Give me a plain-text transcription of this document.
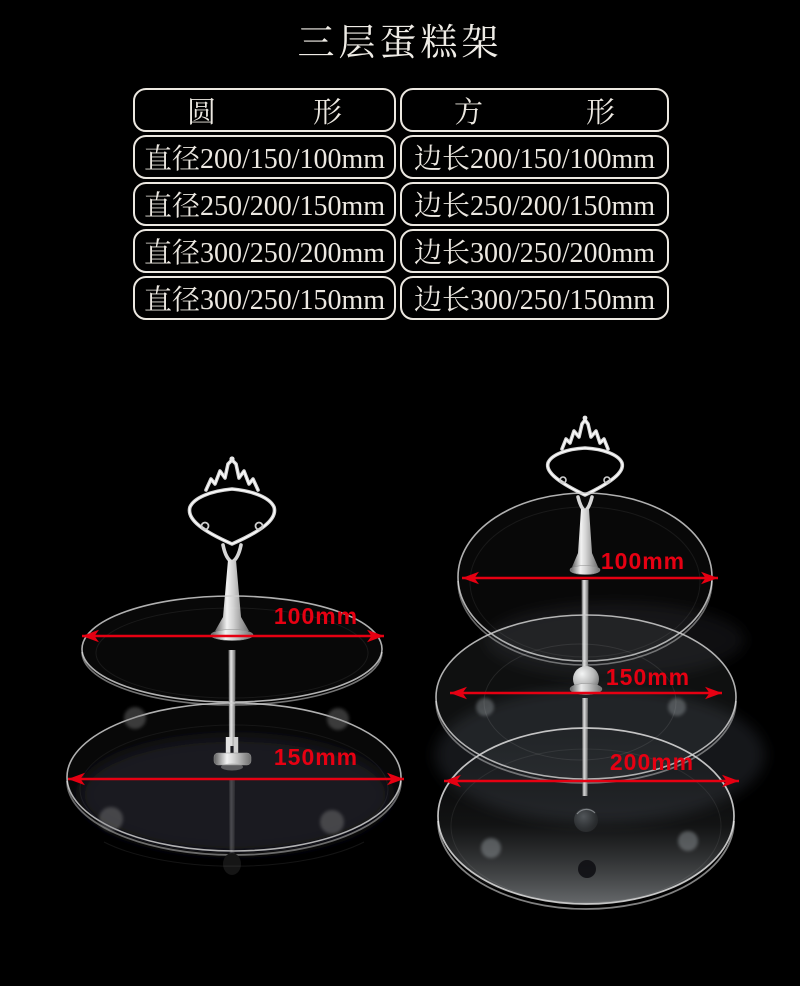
三层蛋糕架
圆	形
直径200/150/100mm
直径250/200/150mm
直径300/250/200mm
直径300/250/150mm
方	形
边长200/150/100mm
边长250/200/150mm
边长300/250/200mm
边长300/250/150mm
100mm
150mm
100mm
150mm
200mm
